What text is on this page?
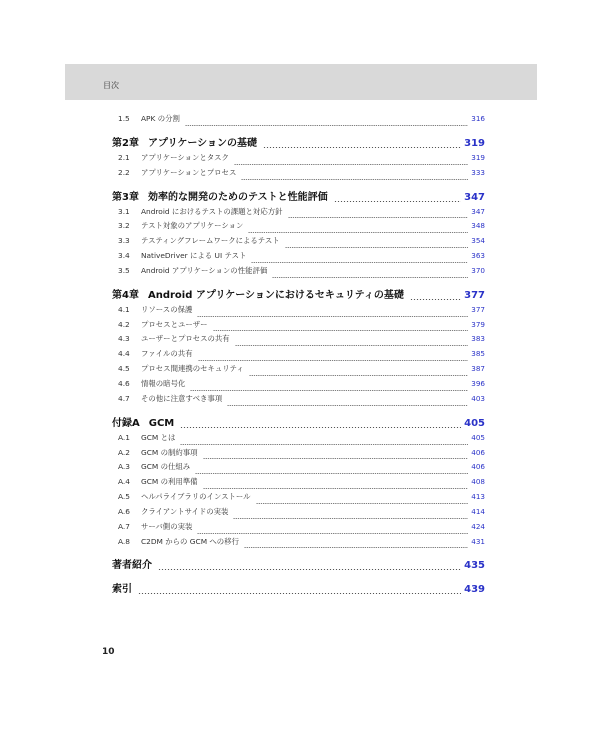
目次
1.5	APK の分割	316
第2章 アプリケーションの基礎	319
2.1	アプリケーションとタスク	319
2.2	アプリケーションとプロセス	333
第3章 効率的な開発のためのテストと性能評価	347
3.1	Android におけるテストの課題と対応方針	347
3.2	テスト対象のアプリケーション	348
3.3	テスティングフレームワークによるテスト	354
3.4	NativeDriver による UI テスト	363
3.5	Android アプリケーションの性能評価	370
第4章 Android アプリケーションにおけるセキュリティの基礎	377
4.1	リソースの保護	377
4.2	プロセスとユーザー	379
4.3	ユーザーとプロセスの共有	383
4.4	ファイルの共有	385
4.5	プロセス間連携のセキュリティ	387
4.6	情報の暗号化	396
4.7	その他に注意すべき事項	403
付録A GCM	405
A.1	GCM とは	405
A.2	GCM の制約事項	406
A.3	GCM の仕組み	406
A.4	GCM の利用準備	408
A.5	ヘルパライブラリのインストール	413
A.6	クライアントサイドの実装	414
A.7	サーバ側の実装	424
A.8	C2DM からの GCM への移行	431
著者紹介	435
索引	439
10
